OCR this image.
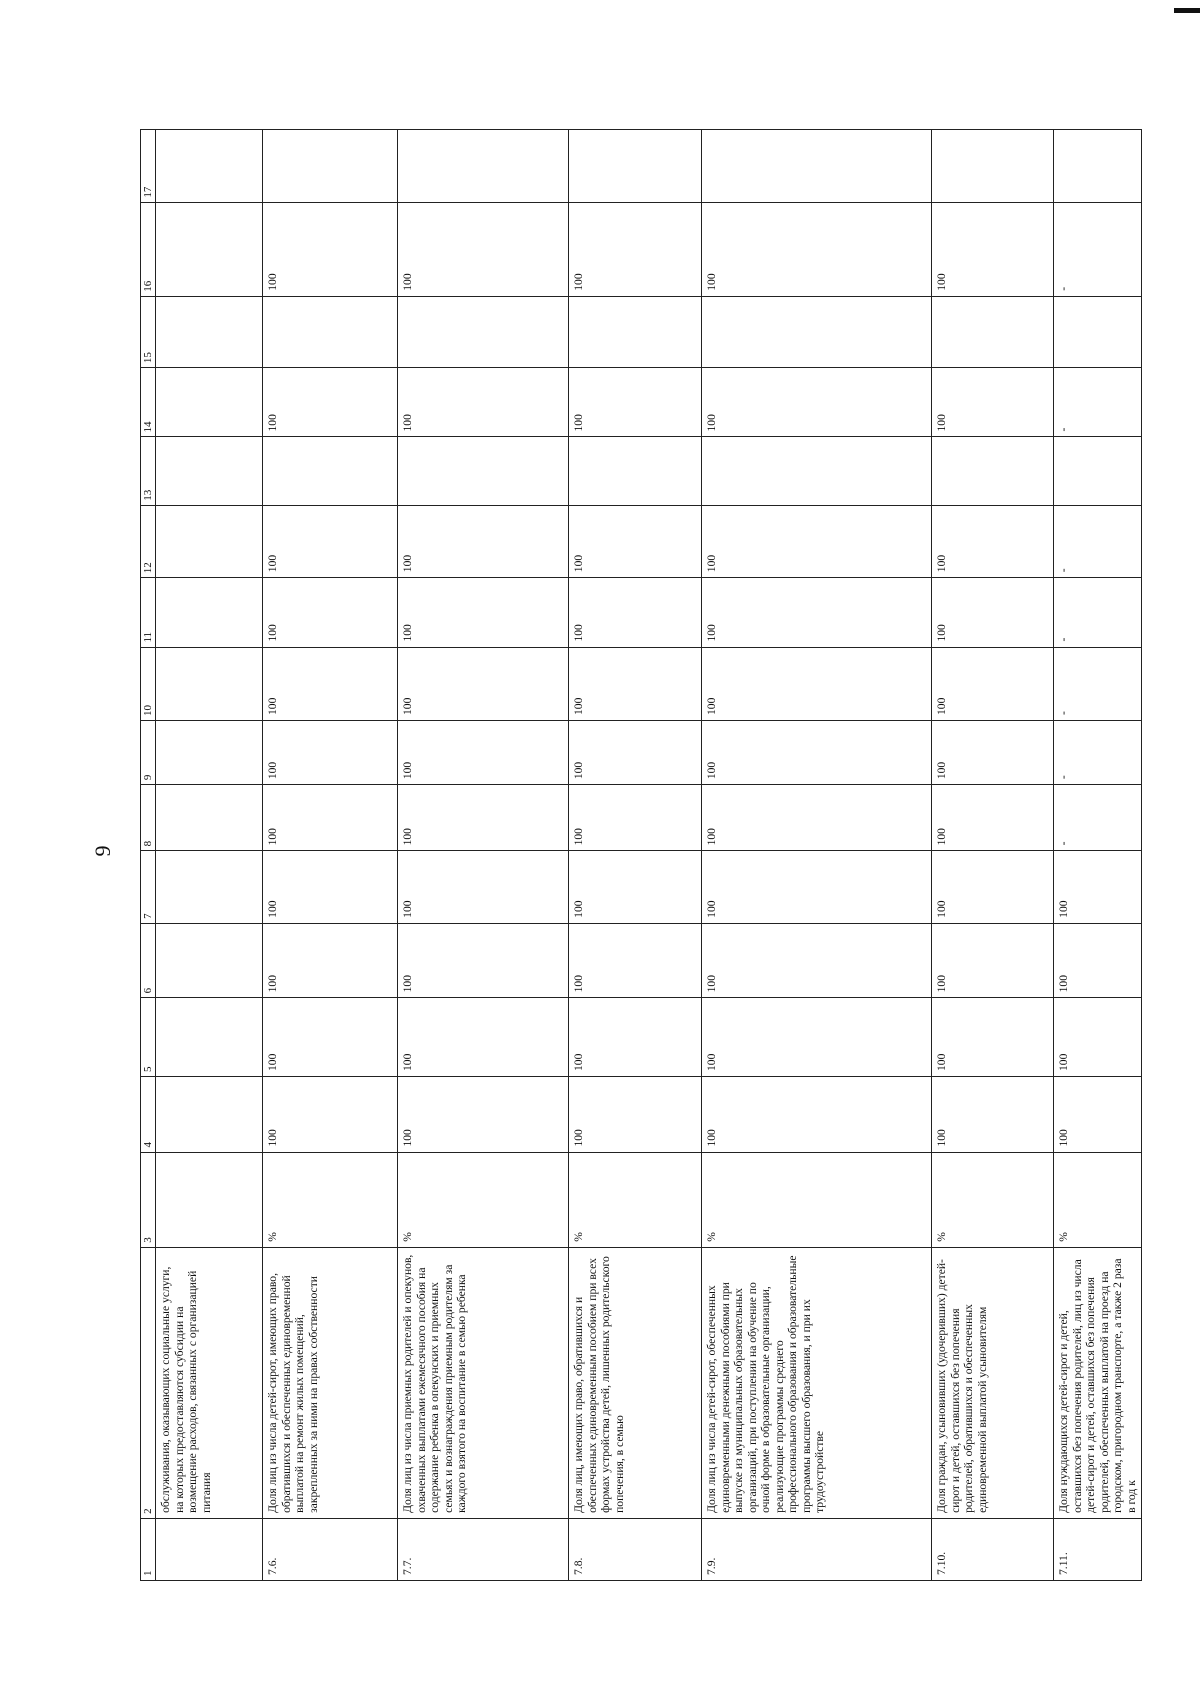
9
1	2	3	4	5	6	7	8	9	10	11	12	13	14	15	16	17
	обслуживания, оказывающих социальные услуги, на которых предоставляются субсидии на возмещение расходов, связанных с организацией питания															
7.6.	Доля лиц из числа детей-сирот, имеющих право, обратившихся и обеспеченных единовременной выплатой на ремонт жилых помещений, закрепленных за ними на правах собственности	%	100	100	100	100	100	100	100	100	100		100		100	
7.7.	Доля лиц из числа приемных родителей и опекунов, охваченных выплатами ежемесячного пособия на содержание ребенка в опекунских и приемных семьях и вознаграждения приемным родителям за каждого взятого на воспитание в семью ребенка	%	100	100	100	100	100	100	100	100	100		100		100	
7.8.	Доля лиц, имеющих право, обратившихся и обеспеченных единовременным пособием при всех формах устройства детей, лишенных родительского попечения, в семью	%	100	100	100	100	100	100	100	100	100		100		100	
7.9.	Доля лиц из числа детей-сирот, обеспеченных единовременными денежными пособиями при выпуске из муниципальных образовательных организаций, при поступлении на обучение по очной форме в образовательные организации, реализующие программы среднего профессионального образования и образовательные программы высшего образования, и при их трудоустройстве	%	100	100	100	100	100	100	100	100	100		100		100	
7.10.	Доля граждан, усыновивших (удочеривших) детей-сирот и детей, оставшихся без попечения родителей, обратившихся и обеспеченных единовременной выплатой усыновителям	%	100	100	100	100	100	100	100	100	100		100		100	
7.11.	Доля нуждающихся детей-сирот и детей, оставшихся без попечения родителей, лиц из числа детей-сирот и детей, оставшихся без попечения родителей, обеспеченных выплатой на проезд на городском, пригородном транспорте, а также 2 раза в год к	%	100	100	100	100	-	-	-	-	-		-		-	
